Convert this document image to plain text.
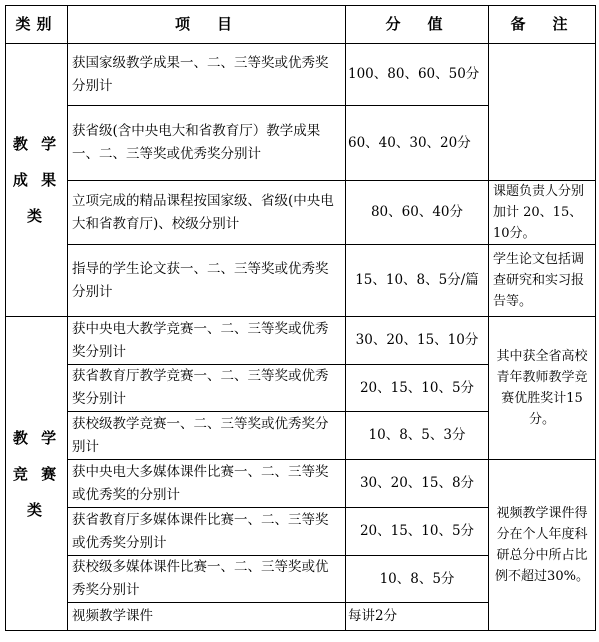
类别	项　目	分　值	备　注

教 学
成 果
类	获国家级教学成果一、二、三等奖或优秀奖分别计	100、80、60、50分	
	获省级(含中央电大和省教育厅）教学成果一、二、三等奖或优秀奖分别计	60、40、30、20分	
	立项完成的精品课程按国家级、省级(中央电大和省教育厅)、校级分别计	80、60、40分	课题负责人分别加计 20、15、10分。
	指导的学生论文获一、二、三等奖或优秀奖分别计	15、10、8、5分/篇	学生论文包括调查研究和实习报告等。

教 学
竞 赛
类	获中央电大教学竞赛一、二、三等奖或优秀奖分别计	30、20、15、10分	其中获全省高校青年教师教学竞赛优胜奖计15分。
	获省教育厅教学竞赛一、二、三等奖或优秀奖分别计	20、15、10、5分	
	获校级教学竞赛一、二、三等奖或优秀奖分别计	10、8、5、3分	
	获中央电大多媒体课件比赛一、二、三等奖或优秀奖的分别计	30、20、15、8分	视频教学课件得分在个人年度科研总分中所占比例不超过30%。
	获省教育厅多媒体课件比赛一、二、三等奖或优秀奖分别计	20、15、10、5分	
	获校级多媒体课件比赛一、二、三等奖或优秀奖分别计	10、8、5分	
	视频教学课件	每讲2分	
